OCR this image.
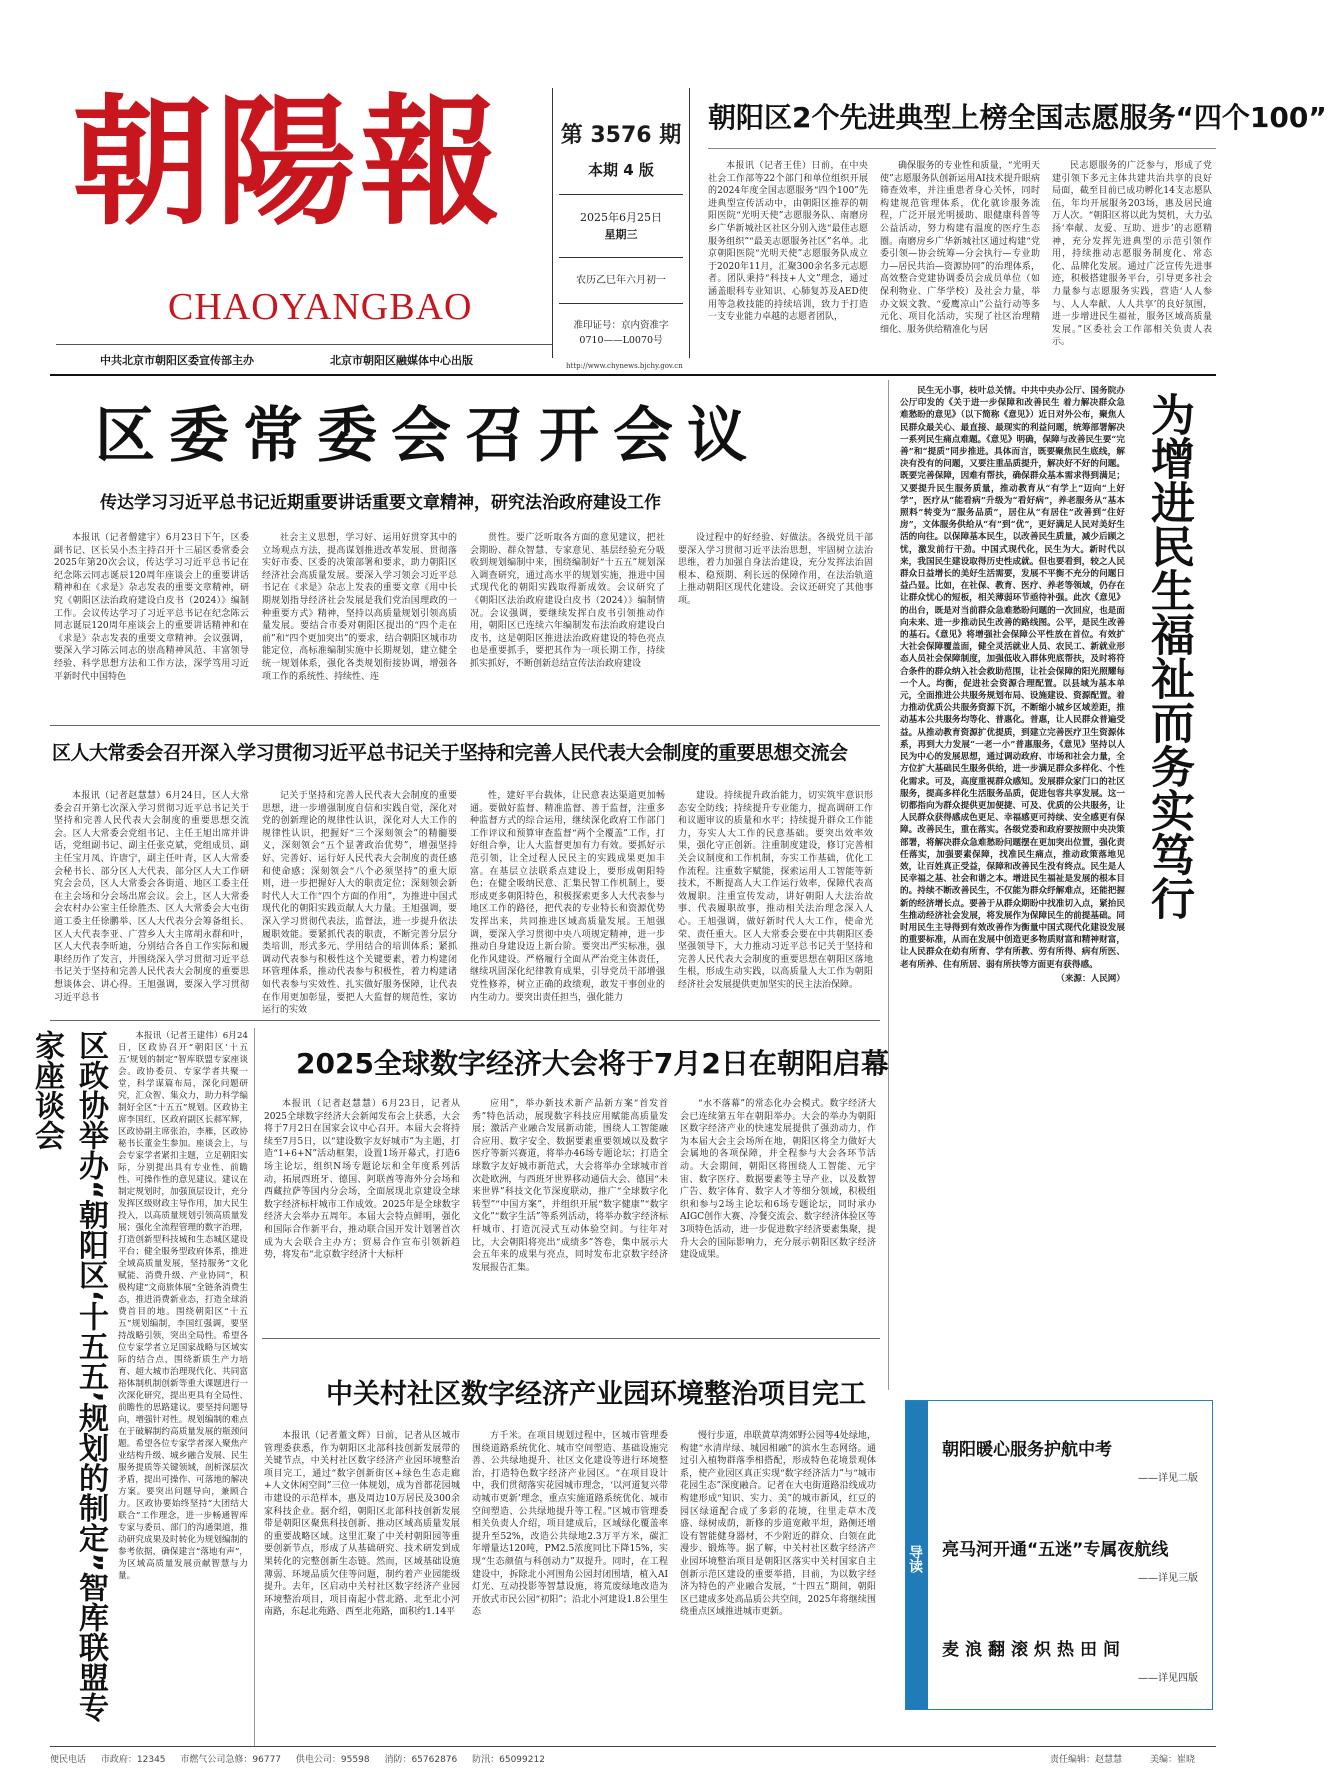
朝陽報
CHAOYANGBAO
中共北京市朝阳区委宣传部主办	北京市朝阳区融媒体中心出版
第 3576 期
本期 4 版
2025年6月25日
星期三
农历乙巳年六月初一
准印证号：京内资准字
0710——L0070号
http://www.chynews.bjchy.gov.cn
朝阳区2个先进典型上榜全国志愿服务“四个100”

本报讯（记者王佳）日前，在中央社会工作部等22个部门和单位组织开展的2024年度全国志愿服务“四个100”先进典型宣传活动中，由朝阳区推荐的朝阳医院“光明天使”志愿服务队、南磨房乡广华新城社区社区分别入选“最佳志愿服务组织”“最美志愿服务社区”名单。北京朝阳医院“光明天使”志愿服务队成立于2020年11月，汇聚300余名多元志愿者。团队秉持“科技+人文”理念，通过涵盖眼科专业知识、心肺复苏及AED使用等急救技能的持续培训，致力于打造一支专业能力卓越的志愿者团队，

确保服务的专业性和质量，“光明天使”志愿服务队创新运用AI技术提升眼病筛查效率，并注重患者身心关怀，同时构建规范管理体系，优化就诊服务流程，广泛开展光明援助、眼健康科普等公益活动，努力构建有温度的医疗生态圈。南磨房乡广华新城社区通过构建“党委引领—协会统筹—分会执行—专业助力—居民共治—资源协同”的治理体系，高效整合党建协调委员会成员单位（如保利物业、广华学校）及社会力量，举办文娱文教、“爱鹰凉山”公益行动等多元化、项目化活动，实现了社区治理精细化、服务供给精准化与居

民志愿服务的广泛参与，形成了党建引领下多元主体共建共治共享的良好局面，截至目前已成功孵化14支志愿队伍，年均开展服务203场，惠及居民逾万人次。“朝阳区将以此为契机，大力弘扬‘奉献、友爱、互助、进步’的志愿精神，充分发挥先进典型的示范引领作用，持续推动志愿服务制度化、常态化、品牌化发展。通过广泛宣传先进事迹，积极搭建服务平台，引导更多社会力量参与志愿服务实践，营造‘人人参与、人人奉献、人人共享’的良好氛围，进一步增进民生福祉，服务区域高质量发展。”区委社会工作部相关负责人表示。

区委常委会召开会议
传达学习习近平总书记近期重要讲话重要文章精神，研究法治政府建设工作

本报讯（记者僧建宇）6月23日下午，区委副书记、区长吴小杰主持召开十三届区委常委会2025年第20次会议，传达学习习近平总书记在纪念陈云同志诞辰120周年座谈会上的重要讲话精神和在《求是》杂志发表的重要文章精神，研究《朝阳区法治政府建设白皮书（2024）》编制工作。会议传达学习了习近平总书记在纪念陈云同志诞辰120周年座谈会上的重要讲话精神和在《求是》杂志发表的重要文章精神。会议强调，要深入学习陈云同志的崇高精神风范、丰富领导经验、科学思想方法和工作方法，深学笃用习近平新时代中国特色

社会主义思想，学习好、运用好贯穿其中的立场观点方法，提高谋划推进改革发展、贯彻落实好市委、区委的决策部署和要求，助力朝阳区经济社会高质量发展。要深入学习领会习近平总书记在《求是》杂志上发表的重要文章《用中长期规划指导经济社会发展是我们党治国理政的一种重要方式》精神，坚持以高质量规划引领高质量发展。要结合市委对朝阳区提出的“四个走在前”和“四个更加突出”的要求，结合朝阳区城市功能定位，高标准编制实施中长期规划，建立健全统一规划体系，强化各类规划衔接协调，增强各项工作的系统性、持续性、连

贯性。要广泛听取各方面的意见建议，把社会期盼、群众智慧、专家意见、基层经验充分吸收到规划编制中来，围绕编制好“十五五”规划深入调查研究，通过高水平的规划实施，推进中国式现代化的朝阳实践取得新成效。会议研究了《朝阳区法治政府建设白皮书（2024）》编制情况。会议强调，要继续发挥白皮书引领推动作用，朝阳区已连续六年编制发布法治政府建设白皮书，这是朝阳区推进法治政府建设的特色亮点也是重要抓手，要把其作为一项长期工作，持续抓实抓好，不断创新总结宣传法治政府建设

设过程中的好经验、好做法。各级党员干部要深入学习贯彻习近平法治思想，牢固树立法治思维，着力加强自身法治建设，充分发挥法治固根本、稳预期、利长远的保障作用，在法治轨道上推动朝阳区现代化建设。会议还研究了其他事项。

区人大常委会召开深入学习贯彻习近平总书记关于坚持和完善人民代表大会制度的重要思想交流会

本报讯（记者赵慧慧）6月24日，区人大常委会召开第七次深入学习贯彻习近平总书记关于坚持和完善人民代表大会制度的重要思想交流会。区人大常委会党组书记、主任王旭出席并讲话，党组副书记、副主任张克斌，党组成员、副主任宝月凤、许唐宁，副主任叶青，区人大常委会秘书长、部分区人大代表、部分区人大工作研究会会员，区人大常委会各街道、地区工委主任在主会场和分会场出席会议。会上，区人大常委会农村办公室主任徐胜杰、区人大常委会大屯街道工委主任徐鹏举、区人大代表分会筹备组长、区人大代表李亚、广营乡人大主席胡永群和叶，区人大代表李昕迪，分别结合各自工作实际和履职经历作了发言，并围绕深入学习贯彻习近平总书记关于坚持和完善人民代表大会制度的重要思想谈体会、讲心得。王旭强调，要深入学习贯彻习近平总书

记关于坚持和完善人民代表大会制度的重要思想，进一步增强制度自信和实践自觉，深化对党的创新理论的规律性认识，深化对人大工作的规律性认识，把握好“三个深刻领会”的精髓要义，深刻领会“五个显著政治优势”，增强坚持好、完善好、运行好人民代表大会制度的责任感和使命感；深刻领会“八个必须坚持”的重大原则，进一步把握好人大的职责定位；深刻领会新时代人大工作“四个方面的作用”，为推进中国式现代化的朝阳实践贡献人大力量。王旭强调，要深入学习贯彻代表法，监督法，进一步提升依法履职效能。要紧抓代表的职责，不断完善分层分类培训，形式多元、学用结合的培训体系；紧抓调动代表参与积极性这个关键要素，着力构建闭环管理体系，推动代表参与积极性，着力构建诸如代表参与实效性、扎实做好服务保障，让代表在作用更加彰显，要把人大监督的规范性，家访运行的实效

性，建好平台载体，让民意表达渠道更加畅通。要做好监督、精准监督、善于监督，注重多种监督方式的综合运用，继续深化政府工作部门工作评议和预算审查监督“两个全覆盖”工作，打好组合拳，让人大监督更加有力有效。要抓好示范引领，让全过程人民民主的实践成果更加丰富。在基层立法联系点建设上，要形成朝阳特色；在健全吸纳民意、汇集民智工作机制上，要形成更多朝阳特色，积极探索更多人大代表参与地区工作的路径，把代表的专业特长和资源优势发挥出来，共同推进区域高质量发展。王旭强调，要深入学习贯彻中央八项规定精神，进一步推动自身建设迈上新台阶。要突出严实标准，强化作风建设。严格履行全面从严治党主体责任，继续巩固深化纪律教育成果，引导党员干部增强党性修养，树立正确的政绩观，敢发干事创业的内生动力。要突出责任担当，强化能力

建设。持续提升政治能力，切实筑牢意识形态安全防线；持续提升专业能力，提高调研工作和议题审议的质量和水平；持续提升群众工作能力，夯实人大工作的民意基础。要突出效率效果，强化守正创新。注重制度建设，修订完善相关会议制度和工作机制，夯实工作基础，优化工作流程。注重数字赋能，探索运用人工智能等新技术，不断提高人大工作运行效率，保障代表高效履职。注重宣传发动，讲好朝阳人大法治故事、代表履职故事，推动相关法治理念深入人心。王旭强调，做好新时代人大工作，使命光荣、责任重大。区人大常委会要在中共朝阳区委坚强领导下，大力推动习近平总书记关于坚持和完善人民代表大会制度的重要思想在朝阳区落地生根，形成生动实践，以高质量人大工作为朝阳经济社会发展提供更加坚实的民主法治保障。

民生无小事，枝叶总关情。中共中央办公厅、国务院办公厅印发的《关于进一步保障和改善民生 着力解决群众急难愁盼的意见》（以下简称《意见》）近日对外公布，聚焦人民群众最关心、最直接、最现实的利益问题，统筹部署解决一系列民生痛点难题。《意见》明确，保障与改善民生要“完善”和“提质”同步推进。具体而言，既要聚焦民生底线，解决有没有的问题，又要注重品质提升，解决好不好的问题。既要完善保障，因难有帮扶，确保群众基本需求得到满足；又要提升民生服务质量，推动教育从“有学上”迈向“上好学”，医疗从“能看病”升级为“看好病”，养老服务从“基本照料”转变为“服务品质”，居住从“有居住”改善到“住好房”，文体服务供给从“有”到“优”，更好满足人民对美好生活的向往。以保障基本民生，以改善民生质量，减少后顾之忧，激发前行干劲。中国式现代化，民生为大。新时代以来，我国民生建设取得历史性成就。但也要看到，较之人民群众日益增长的美好生活需要，发展不平衡不充分的问题日益凸显。比如，在社保、教育、医疗、养老等领域，仍存在让群众忧心的短板，相关薄弱环节亟待补强。此次《意见》的出台，既是对当前群众急难愁盼问题的一次回应，也是面向未来、进一步推动民生改善的路线图。公平，是民生改善的基石。《意见》将增强社会保障公平性放在首位。有效扩大社会保障覆盖面，健全灵活就业人员、农民工、新就业形态人员社会保障制度，加强低收入群体兜底帮扶，及时将符合条件的群众纳入社会救助范围，让社会保障的阳光照耀每一个人。均衡，促进社会资源合理配置。以县域为基本单元，全面推进公共服务规划布局、设施建设、资源配置。着力推动优质公共服务资源下沉，不断缩小城乡区域差距，推动基本公共服务均等化、普惠化。普惠，让人民群众普遍受益。从推动教育资源扩优提质，到建立完善医疗卫生资源体系，再到大力发展“一老一小”普惠服务，《意见》坚持以人民为中心的发展思想，通过调动政府、市场和社会力量，全方位扩大基础民生服务供给，进一步满足群众多样化、个性化需求。可及，高度重视群众感知。发展群众家门口的社区服务，提高多样化生活服务品质，促进包容共享发展。这一切都指向为群众提供更加便捷、可及、优质的公共服务，让人民群众获得感成色更足、幸福感更可持续、安全感更有保障。改善民生，重在落实。各级党委和政府要按照中央决策部署，将解决群众急难愁盼问题摆在更加突出位置，强化责任落实，加强要素保障，找准民生痛点，推动政策落地见效，让百姓真正受益，保障和改善民生没有终点。民生是人民幸福之基、社会和谐之本。增进民生福祉是发展的根本目的。持续不断改善民生，不仅能为群众纾解难点，还能把握新的经济增长点。要善于从群众期盼中找准切入点，紧抬民生推动经济社会发展，将发展作为保障民生的前提基础。同时用民生主导得到有效改善作为衡量中国式现代化建设发展的重要标准，从而在发展中创造更多物质财富和精神财富，让人民群众在幼有所育、学有所教、劳有所得、病有所医、老有所养、住有所居、弱有所扶等方面更有获得感。

（来源：人民网）

为增进民生福祉而务实笃行
区政协举办“朝阳区‘十五五’规划的制定”智库联盟专家座谈会	本报讯（记者王建伟）6月24日，区政协召开“朝阳区‘十五五’规划的制定”智库联盟专家座谈会。政协委员、专家学者共聚一堂，科学谋篇布局，深化问题研究，汇众智、集众力，助力科学编制好全区“十五五”规划。区政协主席李国红，区政府副区长郝军辉，区政协副主席张治，李雁，区政协秘书长董金生参加。座谈会上，与会专家学者紧扣主题，立足朝阳实际，分别提出具有专业性、前瞻性、可操作性的意见建议。建议在制定规划时，加强顶层设计，充分发挥区级财政主导作用，加大民生投入，以高质量规划引领高质量发展；强化全流程管理的数字治理，打造创新型科技城和生态城区建设平台；健全服务型政府体系，推进全域高质量发展，坚持服务“文化赋能、消费升级、产业协同”，积极构建“文商旅体展”全链条消费生态，推进消费新业态，打造全球消费首目的地。围绕朝阳区“十五五”规划编制，李国红强调，要坚持战略引领，突出全局性。希望各位专家学者立足国家战略与区域实际的结合点，围绕新质生产力培育、超大城市治理现代化、共同富裕体制机制创新等重大课题进行一次深化研究，提出更具有全局性、前瞻性的思路建议。要坚持问题导向，增强针对性。规划编制的难点在于破解制约高质量发展的瓶颈问题。希望各位专家学者深入聚焦产业结构升级、城乡融合发展、民生服务提质等关键领域，剖析深层次矛盾，提出可操作、可落地的解决方案。要突出问题导向，兼顾合力。区政协要始终坚持“大团结大联合”工作理念，进一步畅通智库专家与委员、部门的沟通渠道，推动研究成果及时转化为规划编制的参考依据，确保建言“落地有声”，为区域高质量发展贡献智慧与力量。

2025全球数字经济大会将于7月2日在朝阳启幕

本报讯（记者赵慧慧）6月23日，记者从2025全球数字经济大会新闻发布会上获悉，大会将于7月2日在国家会议中心召开。本届大会将持续至7月5日，以“建设数字友好城市”为主题，打造“1+6+N”活动框架，设置1场开幕式，打造6场主论坛，组织N场专题论坛和全年度系列活动，拓展西班牙、德国、阿联酋等海外分会场和西藏拉萨等国内分会场，全面展现北京建设全球数字经济标杆城市工作成效。2025年是全球数字经济大会举办五周年。本届大会特点鲜明，强化和国际合作新平台，推动联合国开发计划署首次成为大会联合主办方；贸易合作宣布引领新趋势，将发布“北京数字经济十大标杆

应用”，举办新技术新产品新方案“首发首秀”特色活动，展现数字科技应用赋能高质量发展；激活产业融合发展新动能，围绕人工智能融合应用、数字安全、数据要素重要领域以及数字医疗等新兴赛道，将举办46场专题论坛；打造全球数字友好城市新范式，大会将举办全球城市首次赴欧洲，与西班牙世界移动通信大会、德国“未来世界”科技文化节深度联动，推广“全球数字化转型”“中国方案”，并组织开展“数字健康”“数字文化”“数字生活”等系列活动，将举办数字经济标杆城市、打造沉浸式互动体验空间。与往年对比，大会朝阳将亮出“成绩多”答卷，集中展示大会五年来的成果与亮点，同时发布北京数字经济发展报告汇集。

“水不落幕”的常态化办会模式。数字经济大会已连续第五年在朝阳举办。大会的举办为朝阳区数字经济产业的快速发展提供了强劲动力，作为本届大会主会场所在地，朝阳区将全力做好大会属地的各项保障，并全程参与大会各环节活动。大会期间，朝阳区将围绕人工智能、元宇宙、数字医疗、数据要素等主导产业，以及数智广告、数字体育、数字人才等细分领域，积极组织和参与2场主论坛和6场专题论坛，同时承办AIGC创作大赛、冷餐交流会、数字经济体验区等3项特色活动，进一步促进数字经济要素集聚，提升大会的国际影响力，充分展示朝阳区数字经济建设成果。

中关村社区数字经济产业园环境整治项目完工

本报讯（记者董文辉）日前，记者从区城市管理委获悉，作为朝阳区北部科技创新发展带的关键节点，中关村社区数字经济产业园环境整治项目完工，通过“数字创新街区+绿色生态走廊+人文休闲空间”三位一体规划，成为首都花园城市建设的示范样本，惠及周边10万居民及300余家科技企业。据介绍，朝阳区北部科技创新发展带是朝阳区聚焦科技创新、推动区域高质量发展的重要战略区域。这里汇聚了中关村朝阳园等重要创新节点，形成了从基础研究、技术研发到成果转化的完整创新生态链。然而，区域基础设施薄弱、环境品质欠佳等问题，制约着产业园能级提升。去年，区启动中关村社区数字经济产业园环境整治项目，项目南起小营北路、北至北小河南路，东起北苑路、西至北苑路，面积约1.14平

方千米。在项目规划过程中，区城市管理委围绕道路系统优化、城市空间塑造、基础设施完善、公共绿地提升、社区文化建设等进行环境整治，打造特色数字经济产业园区。“在项目设计中，我们贯彻落实花园城市理念，‘以河道复兴带动城市更新’理念，重点实施道路系统优化、城市空间塑造、公共绿地提升等工程。”区城市管理委相关负责人介绍，项目建成后，区域绿化覆盖率提升至52%，改造公共绿地2.3万平方米，碳汇年增量达120吨，PM2.5浓度同比下降15%，实现“生态颜值与科创动力”双提升。同时，在工程建设中，拆除北小河围角公园封闭围墙，植入AI灯光、互动投影等智慧设施，将荒废绿地改造为开放式市民公园“初阳”；沿北小河建设1.8公里生态

慢行步道，串联黄草湾郊野公园等4处绿地，构建“水清岸绿、城园相融”的滨水生态网络。通过引入植物群落季相搭配，形成特色花境景观体系，使产业园区真正实现“数字经济活力”与“城市花园生态”深度融合。记者在大屯街道路沿线成功构建形成“知识、实力、美”的城市新风，红豆的园区绿道配合成了多彩的花境，往里走草木茂盛、绿树成荫，新修的步道宽敞平坦，路侧还增设有智能健身器材，不少附近的群众、白领在此漫步、锻炼等。据了解，中关村社区数字经济产业园环境整治项目是朝阳区落实中关村国家自主创新示范区建设的重要举措，目前，为以数字经济为特色的产业融合发展，“十四五”期间，朝阳区已建成多处高品质公共空间，2025年将继续围绕重点区域推进城市更新。

导读
朝阳暖心服务护航中考
——详见二版
亮马河开通“五迷”专属夜航线
——详见三版
麦浪翻滚炽热田间
——详见四版
便民电话 市政府：12345 市燃气公司急修：96777 供电公司：95598 消防：65762876 防汛：65099212	责任编辑：赵慧慧	美编：崔晓
